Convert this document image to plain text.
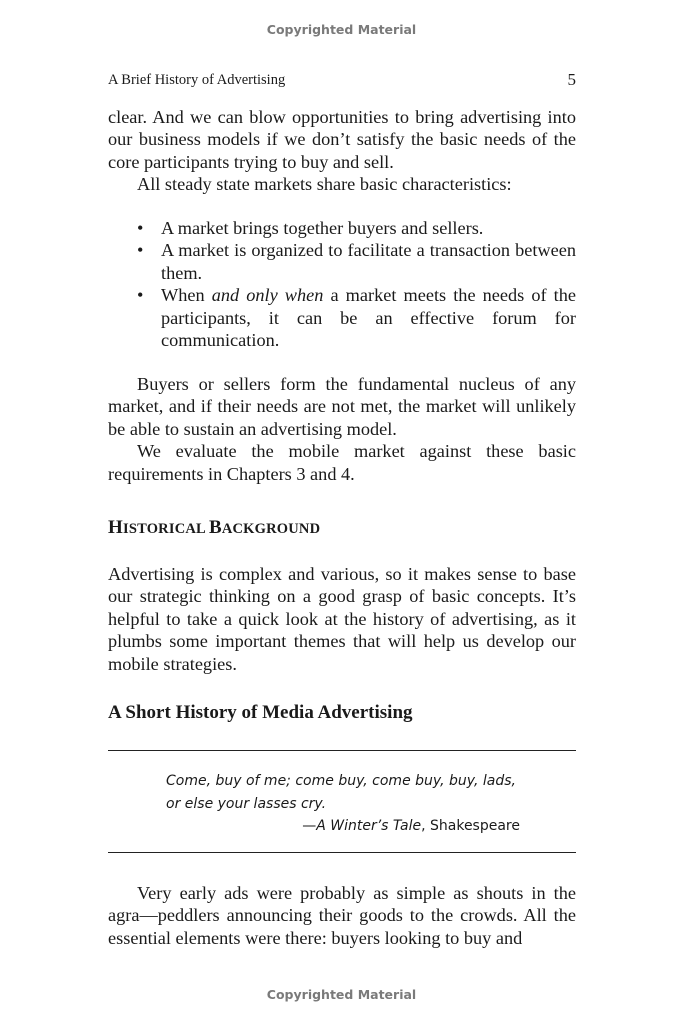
Copyrighted Material
A Brief History of Advertising	5

clear. And we can blow opportunities to bring advertising into our business models if we don’t satisfy the basic needs of the core participants trying to buy and sell.

All steady state markets share basic characteristics:

• A market brings together buyers and sellers.
• A market is organized to facilitate a transaction between them.
• When and only when a market meets the needs of the participants, it can be an effective forum for communication.

Buyers or sellers form the fundamental nucleus of any market, and if their needs are not met, the market will unlikely be able to sustain an advertising model.

We evaluate the mobile market against these basic requirements in Chapters 3 and 4.

HISTORICAL BACKGROUND

Advertising is complex and various, so it makes sense to base our strategic thinking on a good grasp of basic concepts. It’s helpful to take a quick look at the history of advertising, as it plumbs some important themes that will help us develop our mobile strategies.

A Short History of Media Advertising
Come, buy of me; come buy, come buy, buy, lads,
or else your lasses cry.
—A Winter’s Tale, Shakespeare

Very early ads were probably as simple as shouts in the agra—peddlers announcing their goods to the crowds. All the essential elements were there: buyers looking to buy and

Copyrighted Material
